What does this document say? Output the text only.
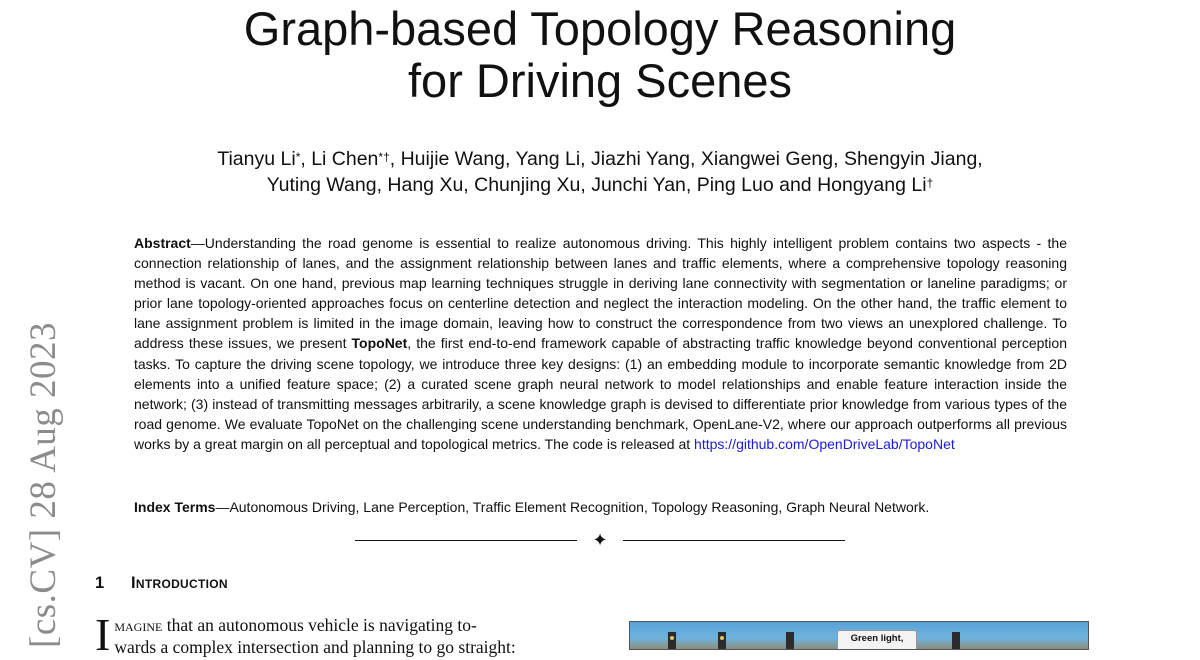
Graph-based Topology Reasoning
for Driving Scenes
Tianyu Li*, Li Chen*†, Huijie Wang, Yang Li, Jiazhi Yang, Xiangwei Geng, Shengyin Jiang,
Yuting Wang, Hang Xu, Chunjing Xu, Junchi Yan, Ping Luo and Hongyang Li†
Abstract—Understanding the road genome is essential to realize autonomous driving. This highly intelligent problem contains two aspects - the connection relationship of lanes, and the assignment relationship between lanes and traffic elements, where a comprehensive topology reasoning method is vacant. On one hand, previous map learning techniques struggle in deriving lane connectivity with segmentation or laneline paradigms; or prior lane topology-oriented approaches focus on centerline detection and neglect the interaction modeling. On the other hand, the traffic element to lane assignment problem is limited in the image domain, leaving how to construct the correspondence from two views an unexplored challenge. To address these issues, we present TopoNet, the first end-to-end framework capable of abstracting traffic knowledge beyond conventional perception tasks. To capture the driving scene topology, we introduce three key designs: (1) an embedding module to incorporate semantic knowledge from 2D elements into a unified feature space; (2) a curated scene graph neural network to model relationships and enable feature interaction inside the network; (3) instead of transmitting messages arbitrarily, a scene knowledge graph is devised to differentiate prior knowledge from various types of the road genome. We evaluate TopoNet on the challenging scene understanding benchmark, OpenLane-V2, where our approach outperforms all previous works by a great margin on all perceptual and topological metrics. The code is released at https://github.com/OpenDriveLab/TopoNet
Index Terms—Autonomous Driving, Lane Perception, Traffic Element Recognition, Topology Reasoning, Graph Neural Network.
✦
1 Introduction
Imagine that an autonomous vehicle is navigating to-
wards a complex intersection and planning to go straight:
[cs.CV] 28 Aug 2023	Green light,
